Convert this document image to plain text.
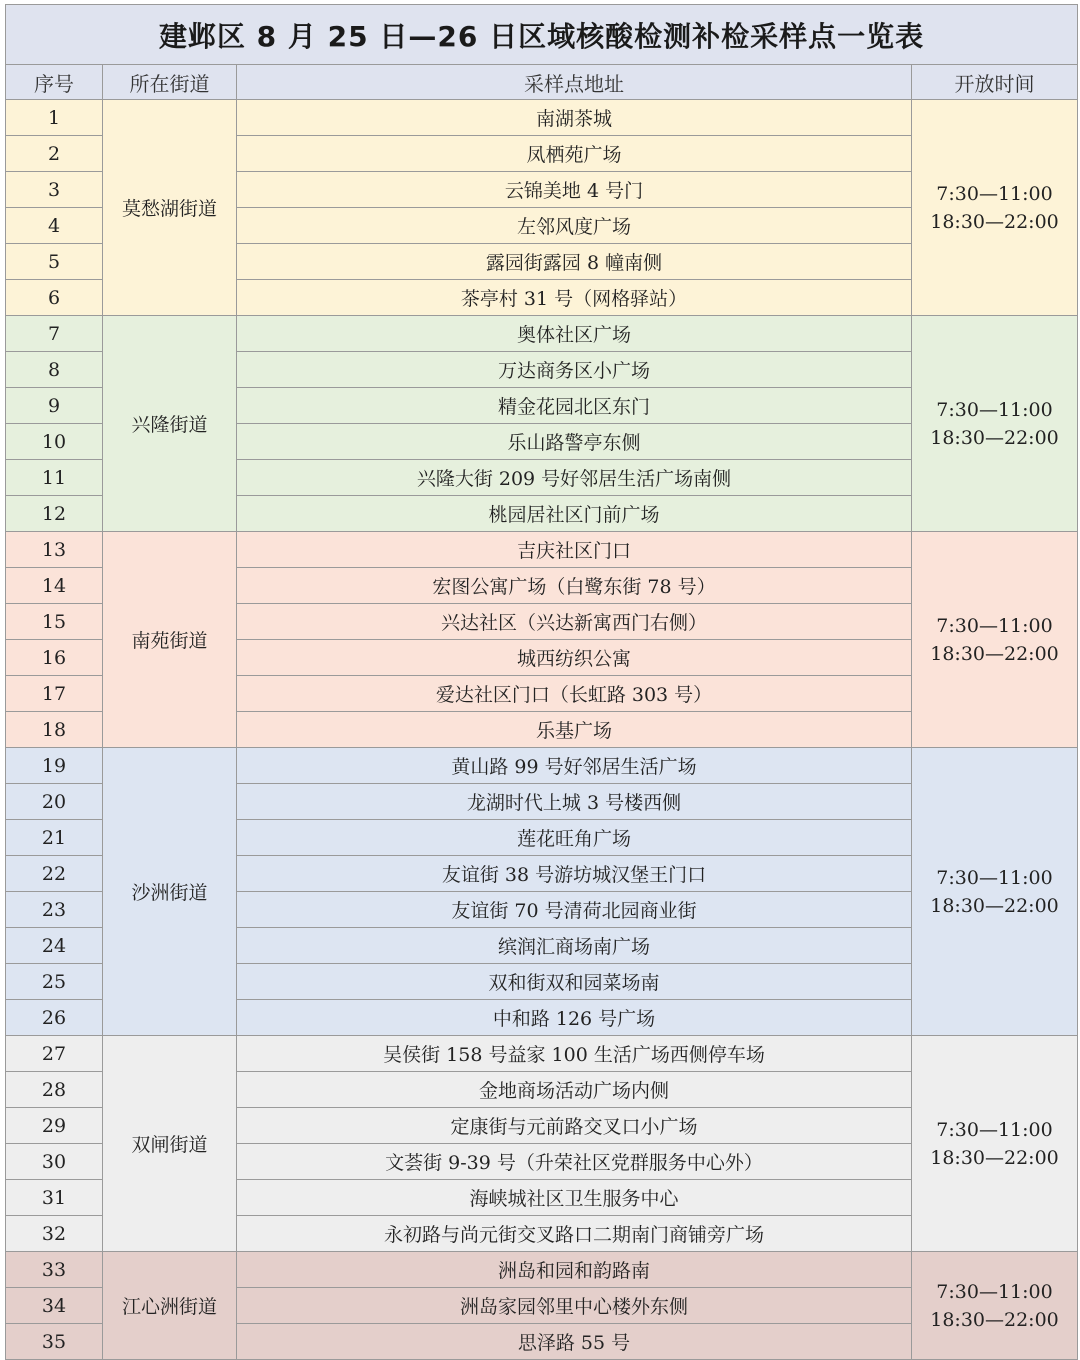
建邺区 8 月 25 日—26 日区域核酸检测补检采样点一览表			
序号	所在街道	采样点地址	开放时间
1	莫愁湖街道	南湖茶城	7:30—11:00
18:30—22:00

2		凤栖苑广场	
3		云锦美地 4 号门	
4		左邻风度广场	
5		露园街露园 8 幢南侧	
6		茶亭村 31 号（网格驿站）	
7	兴隆街道	奥体社区广场	7:30—11:00
18:30—22:00

8		万达商务区小广场	
9		精金花园北区东门	
10		乐山路警亭东侧	
11		兴隆大街 209 号好邻居生活广场南侧	
12		桃园居社区门前广场	
13	南苑街道	吉庆社区门口	7:30—11:00
18:30—22:00

14		宏图公寓广场（白鹭东街 78 号）	
15		兴达社区（兴达新寓西门右侧）	
16		城西纺织公寓	
17		爱达社区门口（长虹路 303 号）	
18		乐基广场	
19	沙洲街道	黄山路 99 号好邻居生活广场	7:30—11:00
18:30—22:00

20		龙湖时代上城 3 号楼西侧	
21		莲花旺角广场	
22		友谊街 38 号游坊城汉堡王门口	
23		友谊街 70 号清荷北园商业街	
24		缤润汇商场南广场	
25		双和街双和园菜场南	
26		中和路 126 号广场	
27	双闸街道	吴侯街 158 号益家 100 生活广场西侧停车场	7:30—11:00
18:30—22:00

28		金地商场活动广场内侧	
29		定康街与元前路交叉口小广场	
30		文荟街 9-39 号（升荣社区党群服务中心外）	
31		海峡城社区卫生服务中心	
32		永初路与尚元街交叉路口二期南门商铺旁广场	
33	江心洲街道	洲岛和园和韵路南	7:30—11:00
18:30—22:00

34		洲岛家园邻里中心楼外东侧	
35		思泽路 55 号	
